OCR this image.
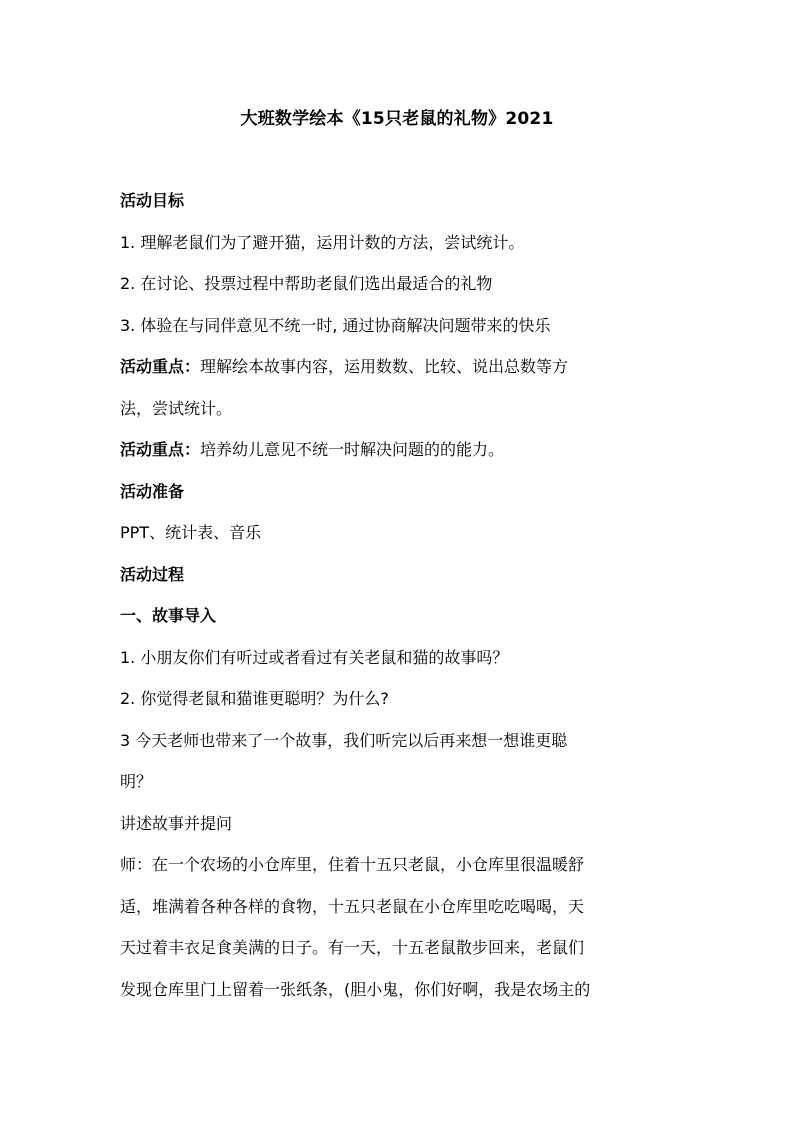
大班数学绘本《15只老鼠的礼物》2021
活动目标
1. 理解老鼠们为了避开猫，运用计数的方法，尝试统计。
2. 在讨论、投票过程中帮助老鼠们选出最适合的礼物
3. 体验在与同伴意见不统一时, 通过协商解决问题带来的快乐
活动重点：理解绘本故事内容，运用数数、比较、说出总数等方
法，尝试统计。
活动重点：培养幼儿意见不统一时解决问题的的能力。
活动准备
PPT、统计表、音乐
活动过程
一、故事导入
1. 小朋友你们有听过或者看过有关老鼠和猫的故事吗？
2. 你觉得老鼠和猫谁更聪明？为什么?
3 今天老师也带来了一个故事，我们听完以后再来想一想谁更聪
明？
讲述故事并提问
师：在一个农场的小仓库里，住着十五只老鼠，小仓库里很温暖舒
适，堆满着各种各样的食物，十五只老鼠在小仓库里吃吃喝喝，天
天过着丰衣足食美满的日子。有一天，十五老鼠散步回来，老鼠们
发现仓库里门上留着一张纸条，(胆小鬼，你们好啊，我是农场主的
